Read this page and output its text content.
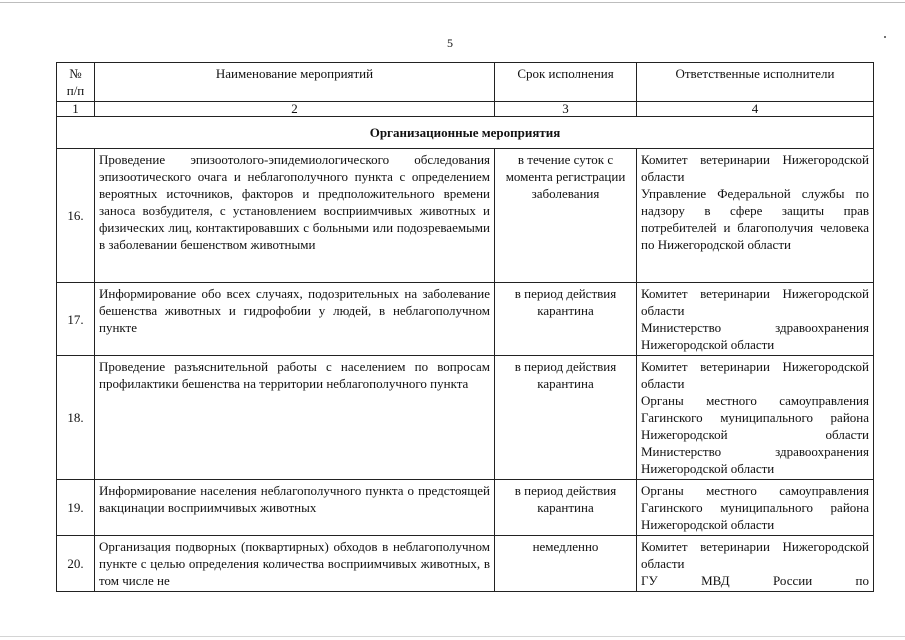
5
№
п/п	Наименование мероприятий	Срок исполнения	Ответственные исполнители
1	2	3	4
Организационные мероприятия			
16.	Проведение эпизоотолого-эпидемиологического обследования эпизоотического очага и неблагополучного пункта с определением вероятных источников, факторов и предположительного времени заноса возбудителя, с установлением восприимчивых животных и физических лиц, контактировавших с больными или подозреваемыми в заболевании бешенством животными	в течение суток с момента регистрации заболевания	Комитет ветеринарии Нижегородской области
Управление Федеральной службы по надзору в сфере защиты прав потребителей и благополучия человека по Нижегородской области

17.	Информирование обо всех случаях, подозрительных на заболевание бешенства животных и гидрофобии у людей, в неблагополучном пункте	в период действия карантина	Комитет ветеринарии Нижегородской области
Министерство здравоохранения Нижегородской области

18.	Проведение разъяснительной работы с населением по вопросам профилактики бешенства на территории неблагополучного пункта	в период действия карантина	Комитет ветеринарии Нижегородской области
Органы местного самоуправления Гагинского муниципального района Нижегородской области
Министерство здравоохранения Нижегородской области

19.	Информирование населения неблагополучного пункта о предстоящей вакцинации восприимчивых животных	в период действия карантина	Органы местного самоуправления Гагинского муниципального района Нижегородской области

20.	Организация подворных (поквартирных) обходов в неблагополучном пункте с целью определения количества восприимчивых животных, в том числе не	немедленно	Комитет ветеринарии Нижегородской области
ГУ МВД России по
